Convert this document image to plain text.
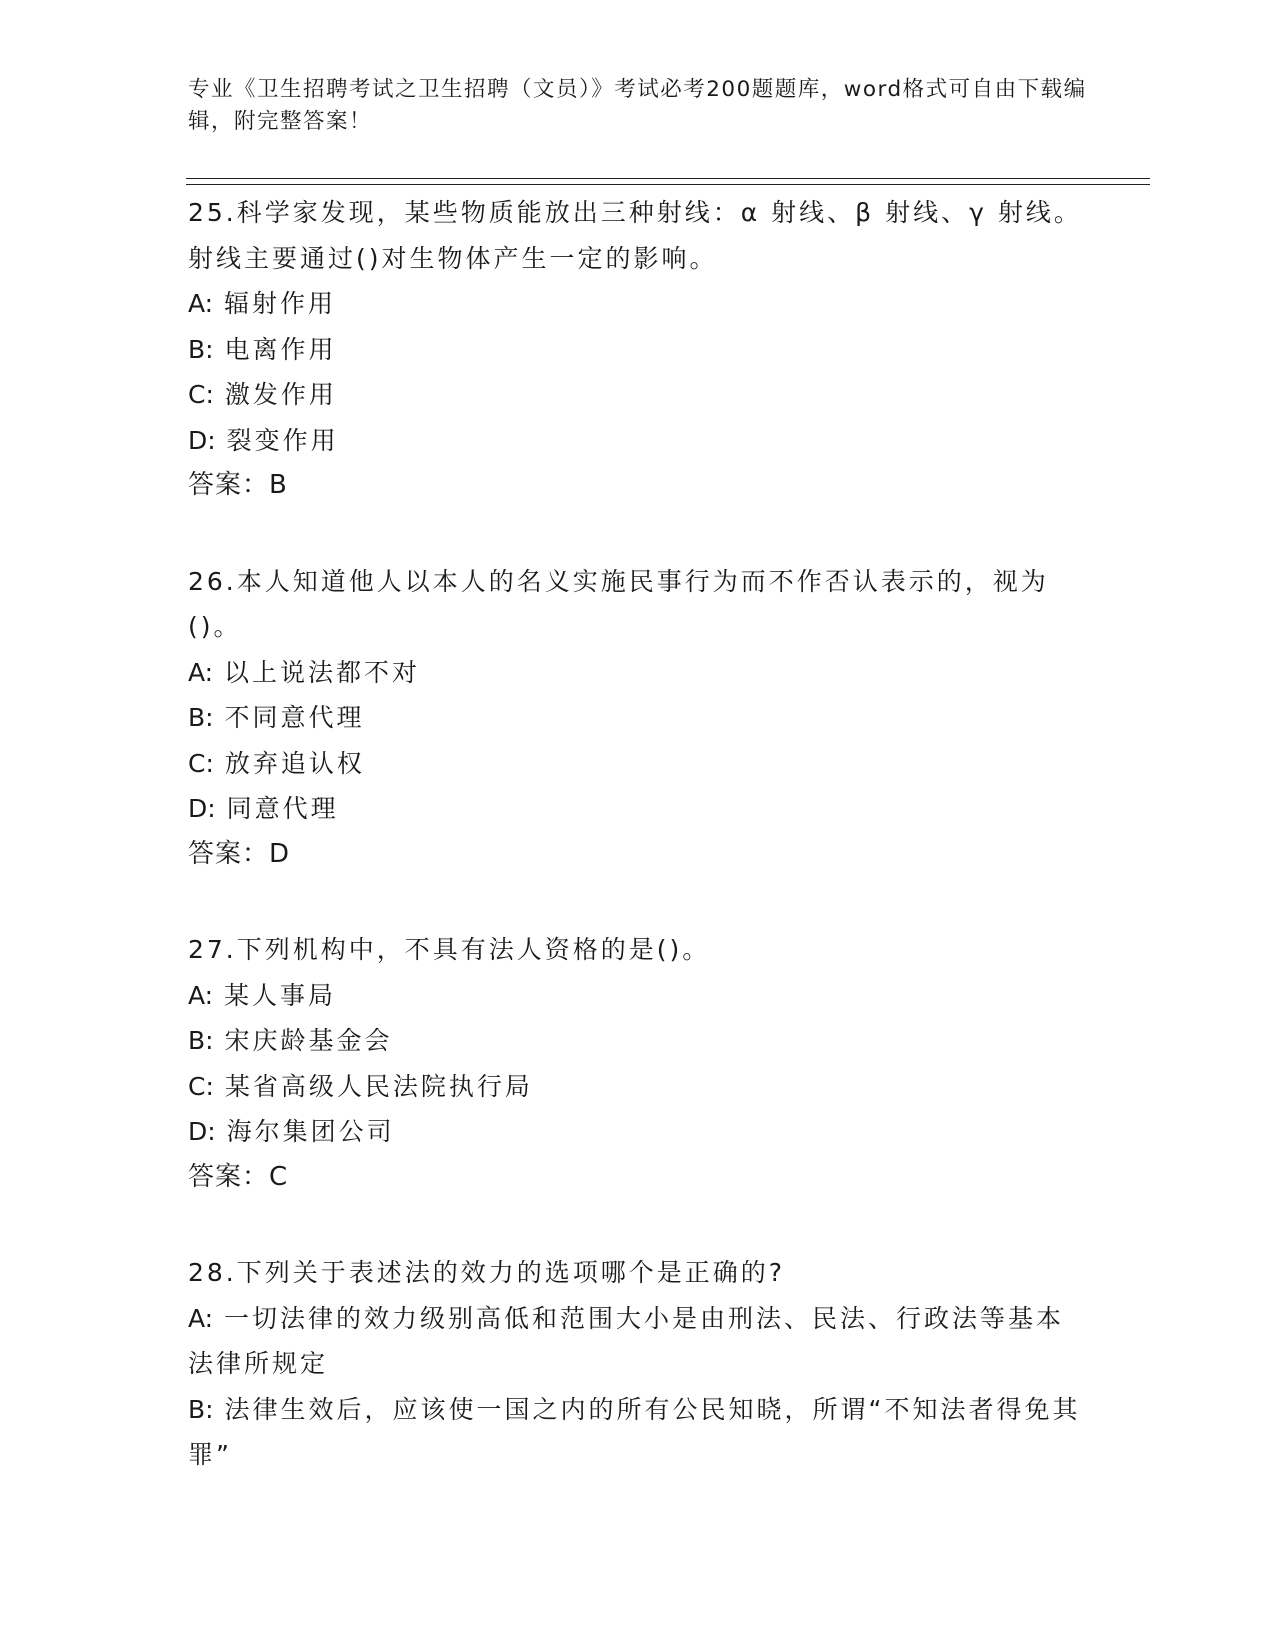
专业《卫生招聘考试之卫生招聘（文员）》考试必考200题题库，word格式可自由下载编辑，附完整答案！

25.科学家发现，某些物质能放出三种射线：α 射线、β 射线、γ 射线。射线主要通过()对生物体产生一定的影响。

A: 辐射作用

B: 电离作用

C: 激发作用

D: 裂变作用

答案：B

26.本人知道他人以本人的名义实施民事行为而不作否认表示的，视为()。

A: 以上说法都不对

B: 不同意代理

C: 放弃追认权

D: 同意代理

答案：D

27.下列机构中，不具有法人资格的是()。

A: 某人事局

B: 宋庆龄基金会

C: 某省高级人民法院执行局

D: 海尔集团公司

答案：C

28.下列关于表述法的效力的选项哪个是正确的?

A: 一切法律的效力级别高低和范围大小是由刑法、民法、行政法等基本法律所规定

B: 法律生效后，应该使一国之内的所有公民知晓，所谓“不知法者得免其罪”
